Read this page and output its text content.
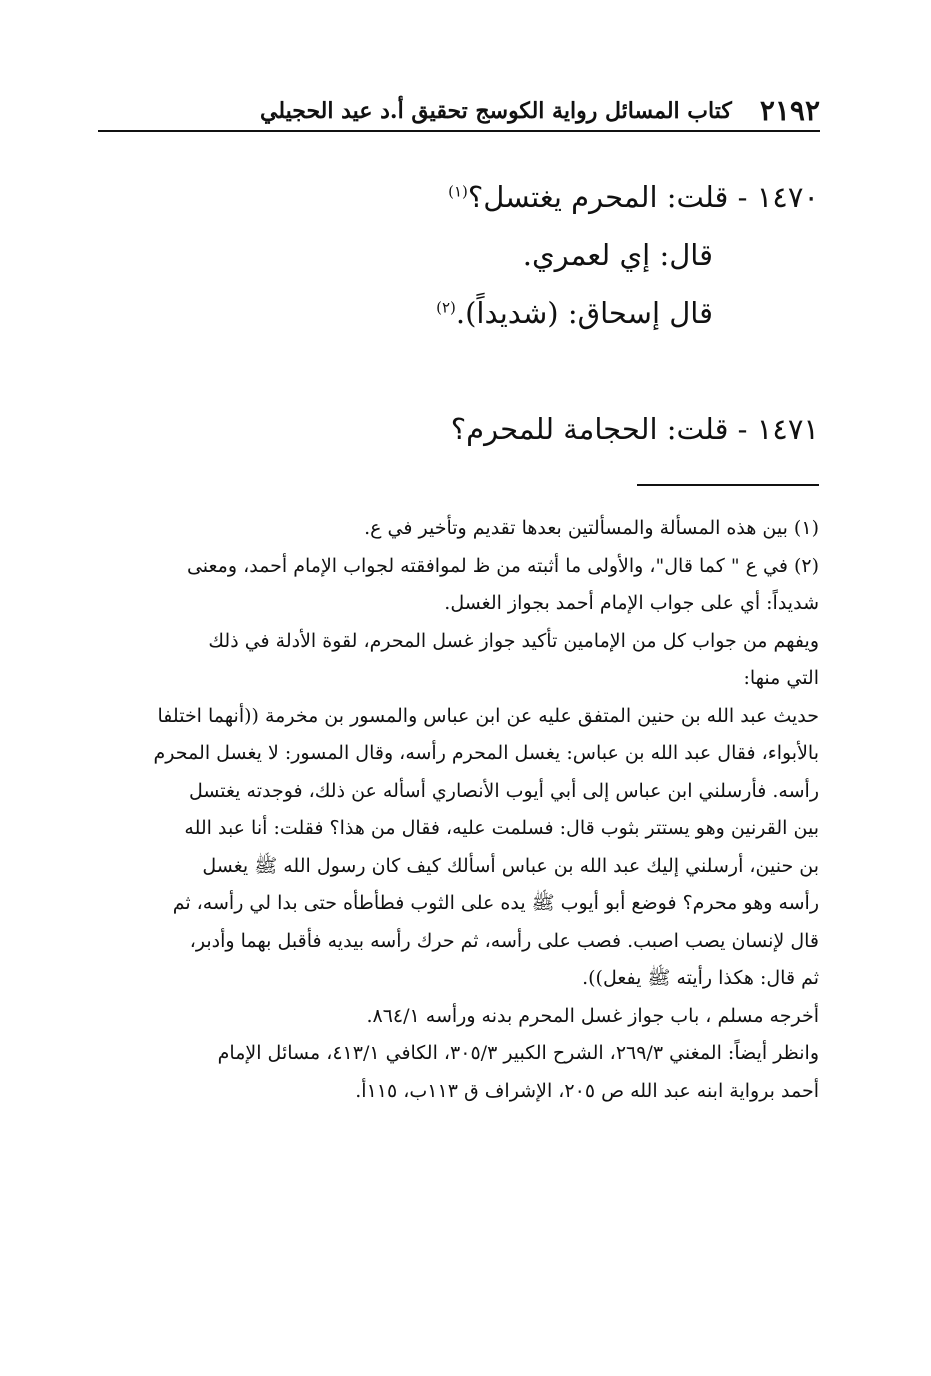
٢١٩٢
كتاب المسائل رواية الكوسج تحقيق أ.د عيد الحجيلي

١٤٧٠ - قلت: المحرم يغتسل؟$^{(١)}$

قال: إي لعمري.

قال إسحاق: (شديداً).$^{(٢)}$

١٤٧١ - قلت: الحجامة للمحرم؟

(١) بين هذه المسألة والمسألتين بعدها تقديم وتأخير في ع.

(٢) في ع " كما قال"، والأولى ما أثبته من ظ لموافقته لجواب الإمام أحمد، ومعنى

شديداً: أي على جواب الإمام أحمد بجواز الغسل.

ويفهم من جواب كل من الإمامين تأكيد جواز غسل المحرم، لقوة الأدلة في ذلك

التي منها:

حديث عبد الله بن حنين المتفق عليه عن ابن عباس والمسور بن مخرمة ((أنهما اختلفا

بالأبواء، فقال عبد الله بن عباس: يغسل المحرم رأسه، وقال المسور: لا يغسل المحرم

رأسه. فأرسلني ابن عباس إلى أبي أيوب الأنصاري أسأله عن ذلك، فوجدته يغتسل

بين القرنين وهو يستتر بثوب قال: فسلمت عليه، فقال من هذا؟ فقلت: أنا عبد الله

بن حنين، أرسلني إليك عبد الله بن عباس أسألك كيف كان رسول الله ﷺ يغسل

رأسه وهو محرم؟ فوضع أبو أيوب ﷺ يده على الثوب فطأطأه حتى بدا لي رأسه، ثم

قال لإنسان يصب اصبب. فصب على رأسه، ثم حرك رأسه بيديه فأقبل بهما وأدبر،

ثم قال: هكذا رأيته ﷺ يفعل)).

أخرجه مسلم ، باب جواز غسل المحرم بدنه ورأسه ٨٦٤/١.

وانظر أيضاً: المغني ٢٦٩/٣، الشرح الكبير ٣٠٥/٣، الكافي ٤١٣/١، مسائل الإمام

أحمد برواية ابنه عبد الله ص ٢٠٥، الإشراف ق ١١٣ب، ١١٥أ.
